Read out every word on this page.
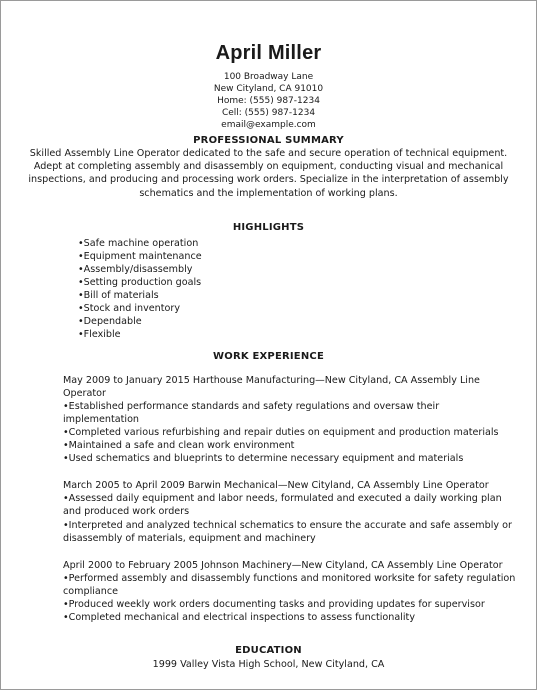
April Miller
100 Broadway Lane
New Cityland, CA 91010
Home: (555) 987-1234
Cell: (555) 987-1234
email@example.com
PROFESSIONAL SUMMARY
Skilled Assembly Line Operator dedicated to the safe and secure operation of technical equipment. Adept at completing assembly and disassembly on equipment, conducting visual and mechanical inspections, and producing and processing work orders. Specialize in the interpretation of assembly schematics and the implementation of working plans.
HIGHLIGHTS
•Safe machine operation
•Equipment maintenance
•Assembly/disassembly
•Setting production goals
•Bill of materials
•Stock and inventory
•Dependable
•Flexible
WORK EXPERIENCE
May 2009 to January 2015 Harthouse Manufacturing—New Cityland, CA Assembly Line Operator
•Established performance standards and safety regulations and oversaw their implementation
•Completed various refurbishing and repair duties on equipment and production materials
•Maintained a safe and clean work environment
•Used schematics and blueprints to determine necessary equipment and materials
March 2005 to April 2009 Barwin Mechanical—New Cityland, CA Assembly Line Operator
•Assessed daily equipment and labor needs, formulated and executed a daily working plan and produced work orders
•Interpreted and analyzed technical schematics to ensure the accurate and safe assembly or disassembly of materials, equipment and machinery
April 2000 to February 2005 Johnson Machinery—New Cityland, CA Assembly Line Operator
•Performed assembly and disassembly functions and monitored worksite for safety regulation compliance
•Produced weekly work orders documenting tasks and providing updates for supervisor
•Completed mechanical and electrical inspections to assess functionality
EDUCATION
1999 Valley Vista High School, New Cityland, CA
